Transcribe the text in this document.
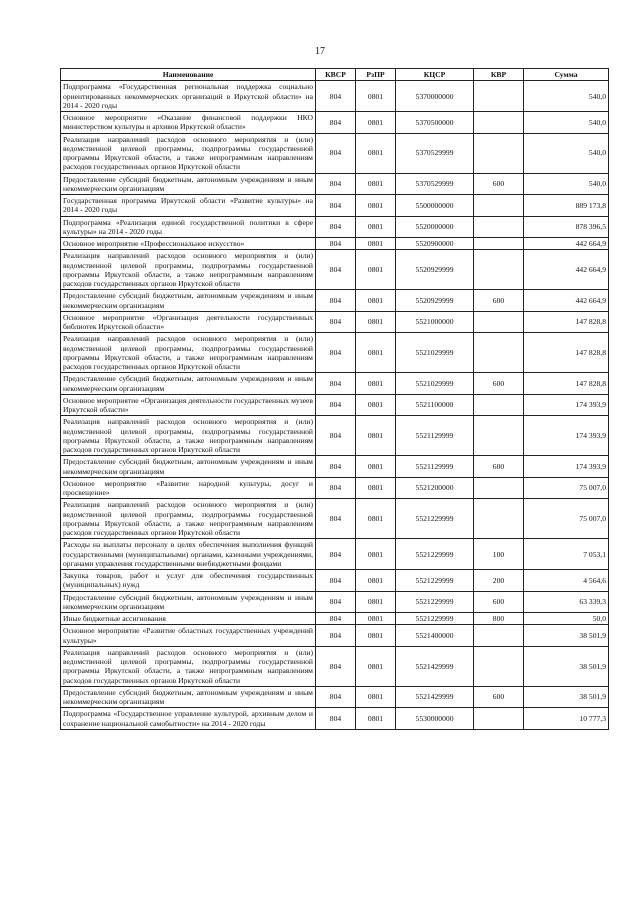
17
Наименование	КВСР	РзПР	КЦСР	КВР	Сумма
Подпрограмма «Государственная региональная поддержка социально ориентированных некоммерческих организаций в Иркутской области» на 2014 - 2020 годы	804	0801	5370000000		540,0
Основное мероприятие «Оказание финансовой поддержки НКО министерством культуры и архивов Иркутской области»	804	0801	5370500000		540,0
Реализация направлений расходов основного мероприятия и (или) ведомственной целевой программы, подпрограммы государственной программы Иркутской области, а также непрограммным направлениям расходов государственных органов Иркутской области	804	0801	5370529999		540,0
Предоставление субсидий бюджетным, автономным учреждениям и иным некоммерческим организациям	804	0801	5370529999	600	540,0
Государственная программа Иркутской области «Развитие культуры» на 2014 - 2020 годы	804	0801	5500000000		889 173,8
Подпрограмма «Реализация единой государственной политики в сфере культуры» на 2014 - 2020 годы	804	0801	5520000000		878 396,5
Основное мероприятие «Профессиональное искусство»	804	0801	5520900000		442 664,9
Реализация направлений расходов основного мероприятия и (или) ведомственной целевой программы, подпрограммы государственной программы Иркутской области, а также непрограммным направлениям расходов государственных органов Иркутской области	804	0801	5520929999		442 664,9
Предоставление субсидий бюджетным, автономным учреждениям и иным некоммерческим организациям	804	0801	5520929999	600	442 664,9
Основное мероприятие «Организация деятельности государственных библиотек Иркутской области»	804	0801	5521000000		147 828,8
Реализация направлений расходов основного мероприятия и (или) ведомственной целевой программы, подпрограммы государственной программы Иркутской области, а также непрограммным направлениям расходов государственных органов Иркутской области	804	0801	5521029999		147 828,8
Предоставление субсидий бюджетным, автономным учреждениям и иным некоммерческим организациям	804	0801	5521029999	600	147 828,8
Основное мероприятие «Организация деятельности государственных музеев Иркутской области»	804	0801	5521100000		174 393,9
Реализация направлений расходов основного мероприятия и (или) ведомственной целевой программы, подпрограммы государственной программы Иркутской области, а также непрограммным направлениям расходов государственных органов Иркутской области	804	0801	5521129999		174 393,9
Предоставление субсидий бюджетным, автономным учреждениям и иным некоммерческим организациям	804	0801	5521129999	600	174 393,9
Основное мероприятие «Развитие народной культуры, досуг и просвещение»	804	0801	5521200000		75 007,0
Реализация направлений расходов основного мероприятия и (или) ведомственной целевой программы, подпрограммы государственной программы Иркутской области, а также непрограммным направлениям расходов государственных органов Иркутской области	804	0801	5521229999		75 007,0
Расходы на выплаты персоналу в целях обеспечения выполнения функций государственными (муниципальными) органами, казенными учреждениями, органами управления государственными внебюджетными фондами	804	0801	5521229999	100	7 053,1
Закупка товаров, работ и услуг для обеспечения государственных (муниципальных) нужд	804	0801	5521229999	200	4 564,6
Предоставление субсидий бюджетным, автономным учреждениям и иным некоммерческим организациям	804	0801	5521229999	600	63 339,3
Иные бюджетные ассигнования	804	0801	5521229999	800	50,0
Основное мероприятие «Развитие областных государственных учреждений культуры»	804	0801	5521400000		38 501,9
Реализация направлений расходов основного мероприятия и (или) ведомственной целевой программы, подпрограммы государственной программы Иркутской области, а также непрограммным направлениям расходов государственных органов Иркутской области	804	0801	5521429999		38 501,9
Предоставление субсидий бюджетным, автономным учреждениям и иным некоммерческим организациям	804	0801	5521429999	600	38 501,9
Подпрограмма «Государственное управление культурой, архивным делом и сохранение национальной самобытности» на 2014 - 2020 годы	804	0801	5530000000		10 777,3
